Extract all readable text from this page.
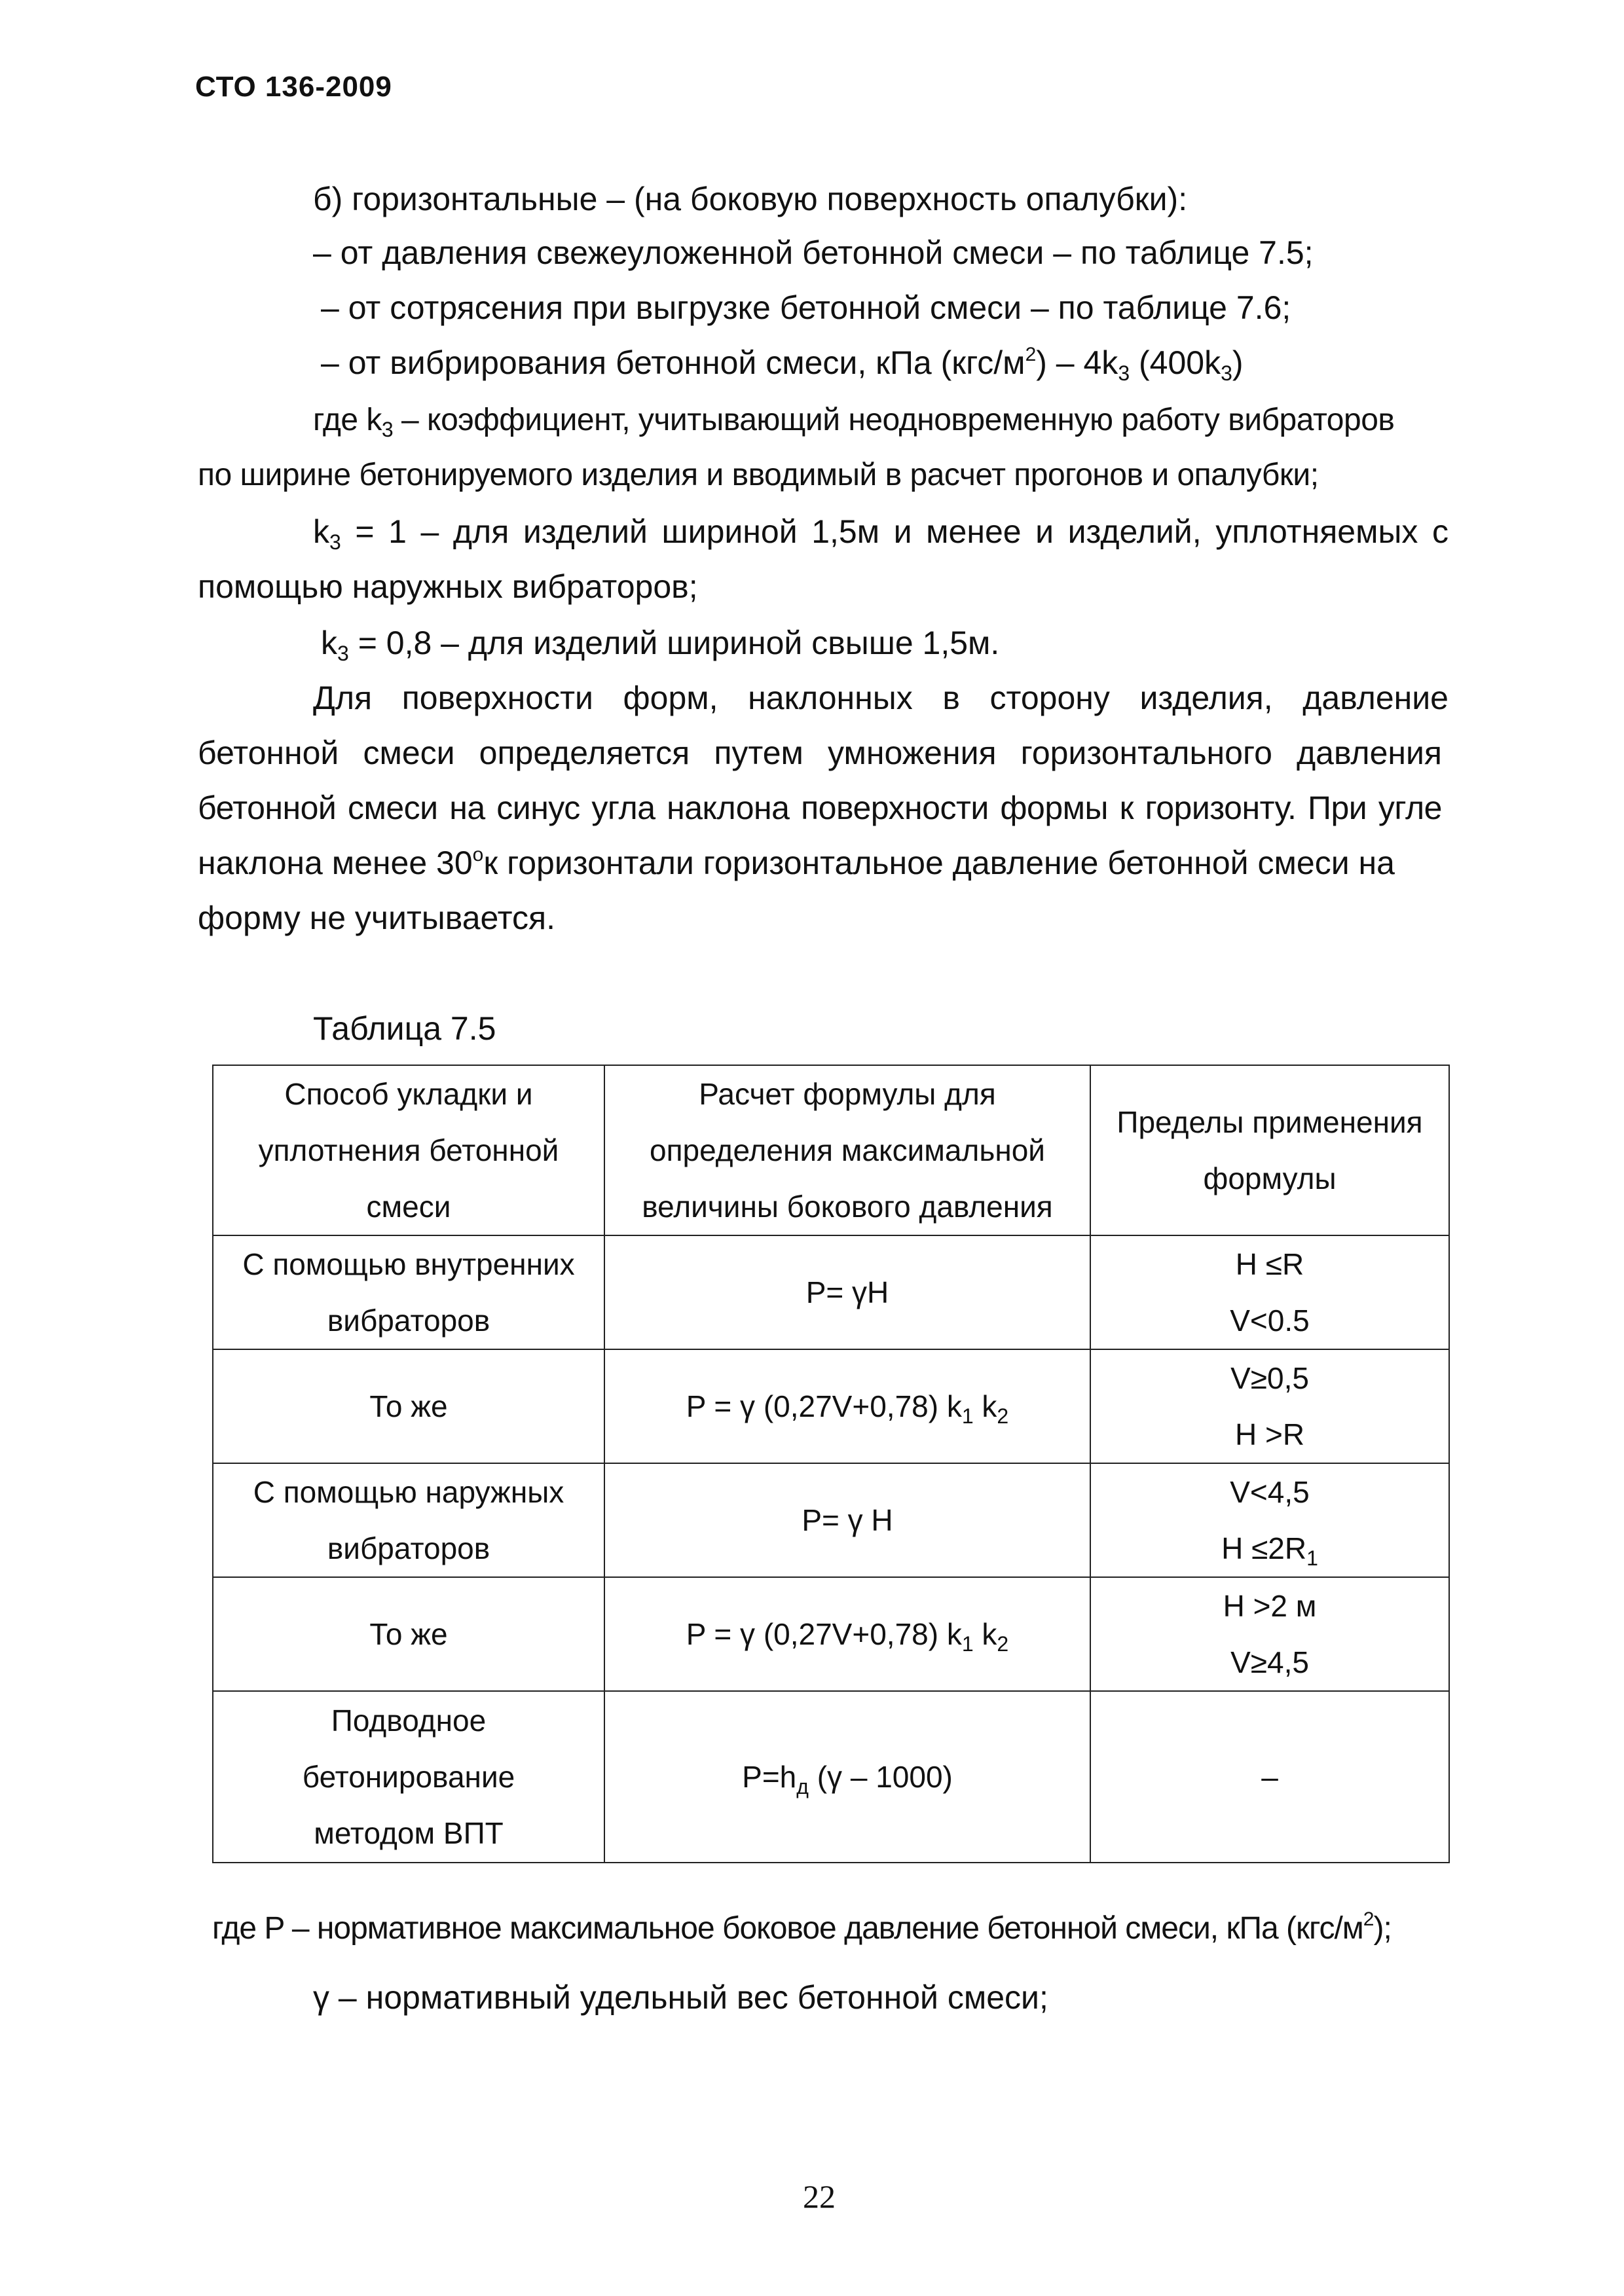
СТО 136-2009
б) горизонтальные – (на боковую поверхность опалубки):
– от давления свежеуложенной бетонной смеси – по таблице 7.5;
– от сотрясения при выгрузке бетонной смеси – по таблице 7.6;
– от вибрирования бетонной смеси, кПа $(кгс/м^2) - 4k_3$ $(400k_3)$
где $k_3$ – коэффициент, учитывающий неодновременную работу вибраторов
по ширине бетонируемого изделия и вводимый в расчет прогонов и опалубки;
$k_3 = 1$ – для изделий шириной 1,5м и менее и изделий, уплотняемых с
помощью наружных вибраторов;
$k_3 = 0,8$ – для изделий шириной свыше 1,5м.
Для поверхности форм, наклонных в сторону изделия, давление
бетонной смеси определяется путем умножения горизонтального давления
бетонной смеси на синус угла наклона поверхности формы к горизонту. При угле
наклона менее $30^ок$ горизонтали горизонтальное давление бетонной смеси на
форму не учитывается.
Таблица 7.5
Способ укладки и уплотнения бетонной смеси	Расчет формулы для определения максимальной величины бокового давления	Пределы применения формулы
С помощью внутренних вибраторов	P= γH	H ≤R
V<0.5

То же	P = γ (0,27V+0,78) $k_1$ $k_2$	V≥0,5
H >R

С помощью наружных вибраторов	P= γ H	V<4,5
$H \le 2R_1$

То же	P = γ (0,27V+0,78) $k_1$ $k_2$	H >2 м
V≥4,5

Подводное
бетонирование
методом ВПТ	$P=h_д$ (γ – 1000)	–
где P – нормативное максимальное боковое давление бетонной смеси, кПа $(кгс/м^2)$;
γ – нормативный удельный вес бетонной смеси;
22
